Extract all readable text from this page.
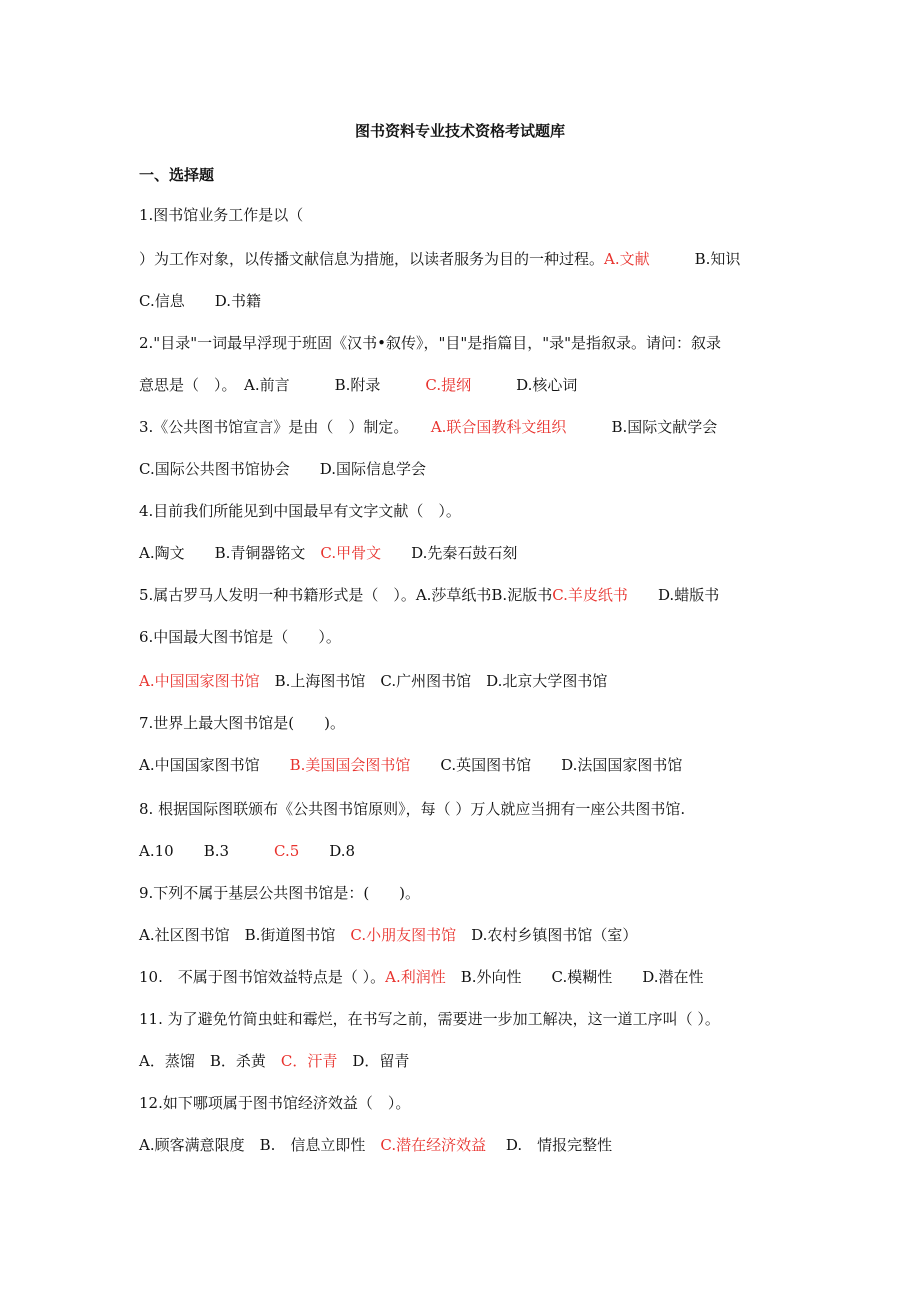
图书资料专业技术资格考试题库
一、选择题
1.图书馆业务工作是以（
）为工作对象，以传播文献信息为措施，以读者服务为目的一种过程。A.文献　　　B.知识
C.信息　　D.书籍
2."目录"一词最早浮现于班固《汉书•叙传》，"目"是指篇目，"录"是指叙录。请问：叙录
意思是（　）。　A.前言　　　B.附录　　　C.提纲　　　D.核心词
3.《公共图书馆宣言》是由（　）制定。　　A.联合国教科文组织　　　B.国际文献学会
C.国际公共图书馆协会　　D.国际信息学会
4.目前我们所能见到中国最早有文字文献（　）。
A.陶文　　B.青铜器铭文　C.甲骨文　　D.先秦石鼓石刻
5.属古罗马人发明一种书籍形式是（　）。A.莎草纸书B.泥版书C.羊皮纸书　　D.蜡版书
6.中国最大图书馆是（　　）。
A.中国国家图书馆　B.上海图书馆　C.广州图书馆　D.北京大学图书馆
7.世界上最大图书馆是(　　)。
A.中国国家图书馆　　B.美国国会图书馆　　C.英国图书馆　　D.法国国家图书馆
8. 根据国际图联颁布《公共图书馆原则》，每（ ）万人就应当拥有一座公共图书馆.
A.10　　B.3　　　C.5　　D.8
9.下列不属于基层公共图书馆是：(　　)。
A.社区图书馆　B.街道图书馆　C.小朋友图书馆　D.农村乡镇图书馆（室）
10.　不属于图书馆效益特点是（ ）。A.利润性　B.外向性　　C.模糊性　　D.潜在性
11. 为了避免竹简虫蛀和霉烂，在书写之前，需要进一步加工解决，这一道工序叫（ ）。
A．蒸馏　B．杀黄　C．汗青　D．留青
12.如下哪项属于图书馆经济效益（　）。
A.顾客满意限度　B.　信息立即性　C.潜在经济效益　 D.　情报完整性
